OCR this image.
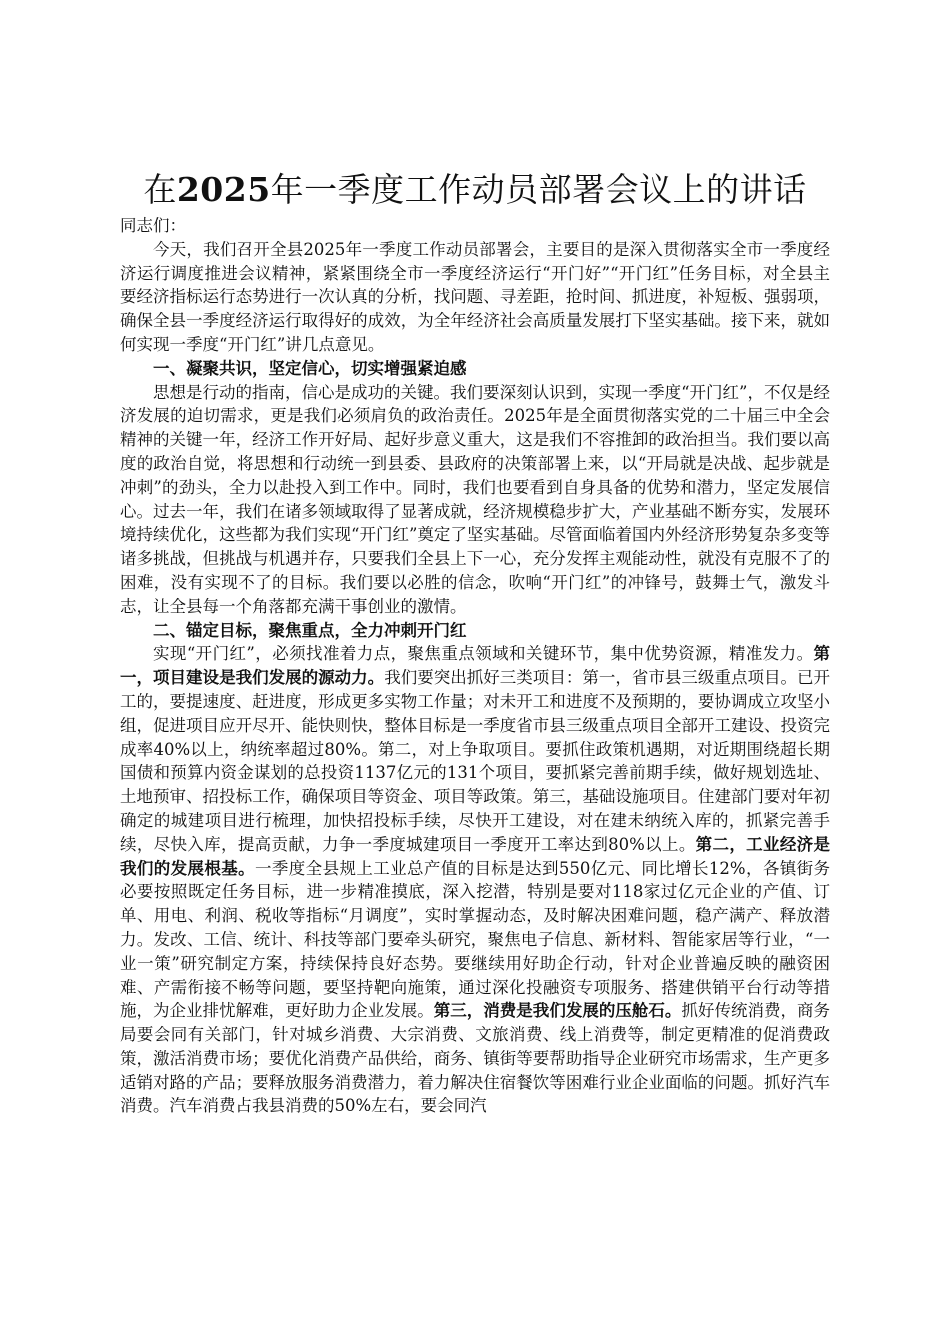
在2025年一季度工作动员部署会议上的讲话

同志们：

今天，我们召开全县2025年一季度工作动员部署会，主要目的是深入贯彻落实全市一季度经济运行调度推进会议精神，紧紧围绕全市一季度经济运行“开门好”“开门红”任务目标，对全县主要经济指标运行态势进行一次认真的分析，找问题、寻差距，抢时间、抓进度，补短板、强弱项，确保全县一季度经济运行取得好的成效，为全年经济社会高质量发展打下坚实基础。接下来，就如何实现一季度“开门红”讲几点意见。

一、凝聚共识，坚定信心，切实增强紧迫感

思想是行动的指南，信心是成功的关键。我们要深刻认识到，实现一季度“开门红”，不仅是经济发展的迫切需求，更是我们必须肩负的政治责任。2025年是全面贯彻落实党的二十届三中全会精神的关键一年，经济工作开好局、起好步意义重大，这是我们不容推卸的政治担当。我们要以高度的政治自觉，将思想和行动统一到县委、县政府的决策部署上来，以“开局就是决战、起步就是冲刺”的劲头，全力以赴投入到工作中。同时，我们也要看到自身具备的优势和潜力，坚定发展信心。过去一年，我们在诸多领域取得了显著成就，经济规模稳步扩大，产业基础不断夯实，发展环境持续优化，这些都为我们实现“开门红”奠定了坚实基础。尽管面临着国内外经济形势复杂多变等诸多挑战，但挑战与机遇并存，只要我们全县上下一心，充分发挥主观能动性，就没有克服不了的困难，没有实现不了的目标。我们要以必胜的信念，吹响“开门红”的冲锋号，鼓舞士气，激发斗志，让全县每一个角落都充满干事创业的激情。

二、锚定目标，聚焦重点，全力冲刺开门红

实现“开门红”，必须找准着力点，聚焦重点领域和关键环节，集中优势资源，精准发力。第一，项目建设是我们发展的源动力。我们要突出抓好三类项目：第一，省市县三级重点项目。已开工的，要提速度、赶进度，形成更多实物工作量；对未开工和进度不及预期的，要协调成立攻坚小组，促进项目应开尽开、能快则快，整体目标是一季度省市县三级重点项目全部开工建设、投资完成率40%以上，纳统率超过80%。第二，对上争取项目。要抓住政策机遇期，对近期围绕超长期国债和预算内资金谋划的总投资1137亿元的131个项目，要抓紧完善前期手续，做好规划选址、土地预审、招投标工作，确保项目等资金、项目等政策。第三，基础设施项目。住建部门要对年初确定的城建项目进行梳理，加快招投标手续，尽快开工建设，对在建未纳统入库的，抓紧完善手续，尽快入库，提高贡献，力争一季度城建项目一季度开工率达到80%以上。第二，工业经济是我们的发展根基。一季度全县规上工业总产值的目标是达到550亿元、同比增长12%，各镇街务必要按照既定任务目标，进一步精准摸底，深入挖潜，特别是要对118家过亿元企业的产值、订单、用电、利润、税收等指标“月调度”，实时掌握动态，及时解决困难问题，稳产满产、释放潜力。发改、工信、统计、科技等部门要牵头研究，聚焦电子信息、新材料、智能家居等行业，“一业一策”研究制定方案，持续保持良好态势。要继续用好助企行动，针对企业普遍反映的融资困难、产需衔接不畅等问题，要坚持靶向施策，通过深化投融资专项服务、搭建供销平台行动等措施，为企业排忧解难，更好助力企业发展。第三，消费是我们发展的压舱石。抓好传统消费，商务局要会同有关部门，针对城乡消费、大宗消费、文旅消费、线上消费等，制定更精准的促消费政策，激活消费市场；要优化消费产品供给，商务、镇街等要帮助指导企业研究市场需求，生产更多适销对路的产品；要释放服务消费潜力，着力解决住宿餐饮等困难行业企业面临的问题。抓好汽车消费。汽车消费占我县消费的50%左右，要会同汽
